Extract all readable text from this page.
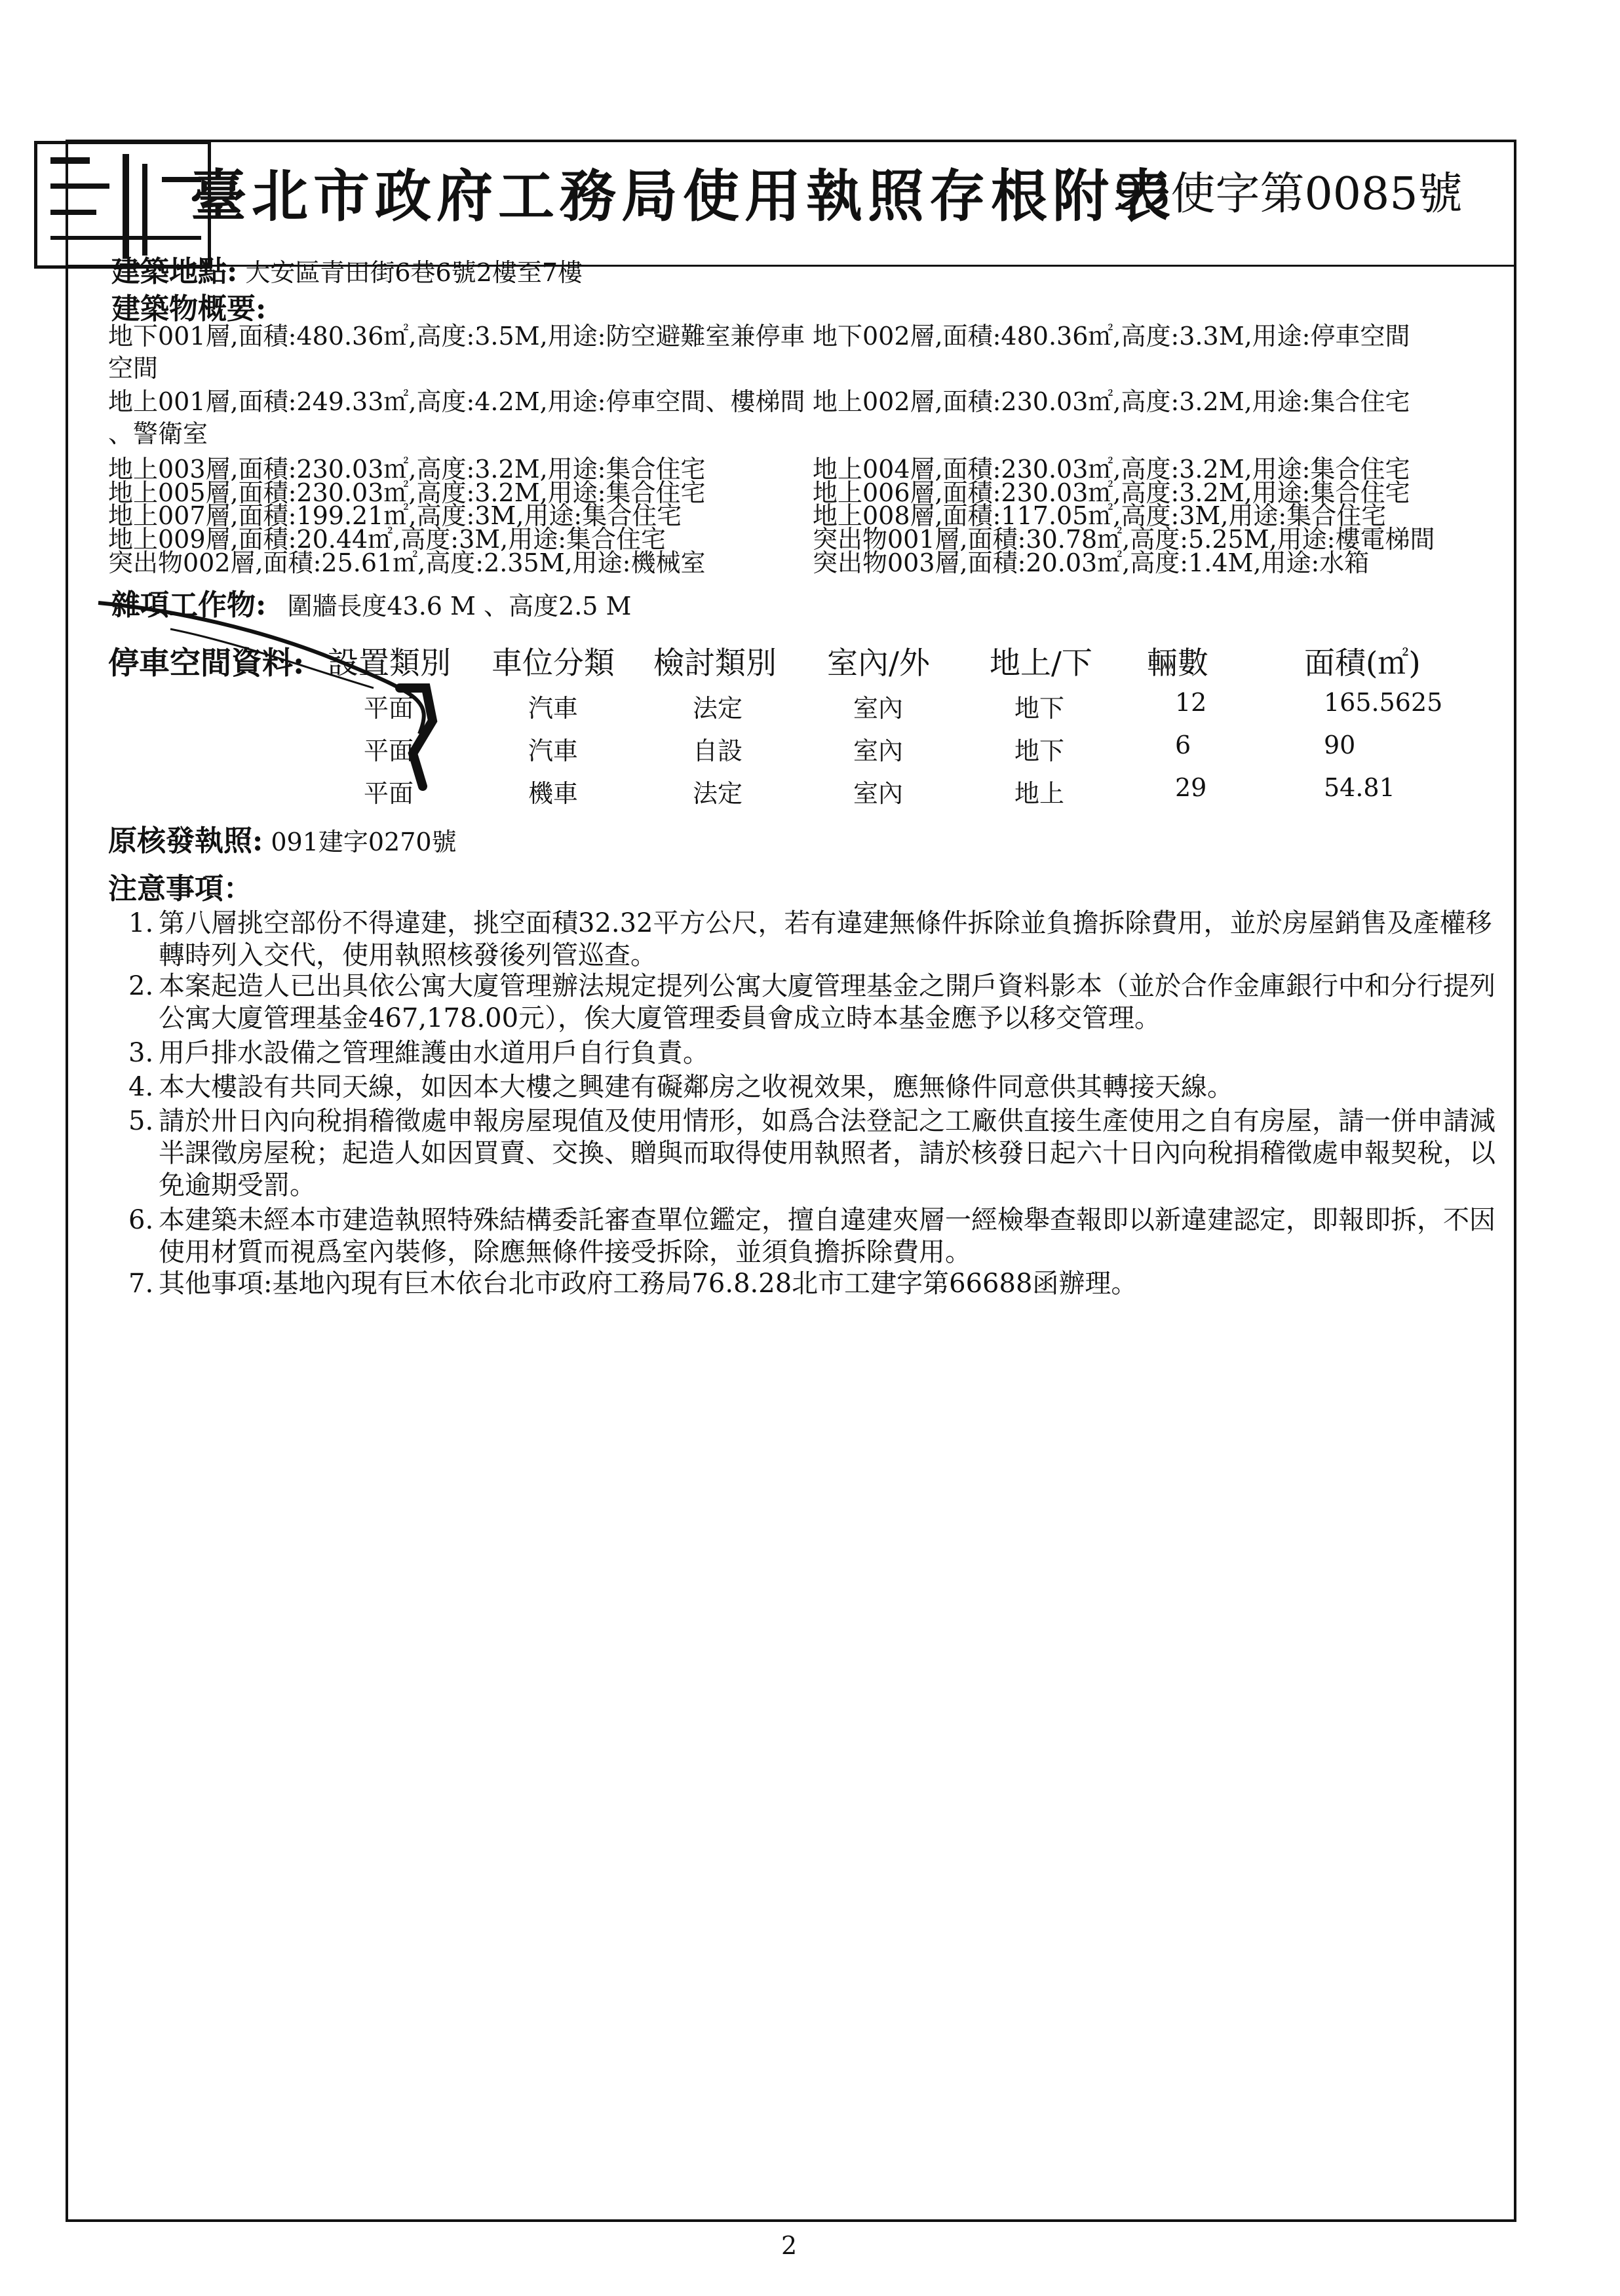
臺北市政府工務局使用執照存根附表
93使字第0085號
建築地點: 大安區青田街6巷6號2樓至7樓
建築物概要:
地下001層,面積:480.36㎡,高度:3.5M,用途:防空避難室兼停車 地下002層,面積:480.36㎡,高度:3.3M,用途:停車空間
空間
地上001層,面積:249.33㎡,高度:4.2M,用途:停車空間、樓梯間 地上002層,面積:230.03㎡,高度:3.2M,用途:集合住宅
、警衛室
地上003層,面積:230.03㎡,高度:3.2M,用途:集合住宅	地上004層,面積:230.03㎡,高度:3.2M,用途:集合住宅
地上005層,面積:230.03㎡,高度:3.2M,用途:集合住宅	地上006層,面積:230.03㎡,高度:3.2M,用途:集合住宅
地上007層,面積:199.21㎡,高度:3M,用途:集合住宅	地上008層,面積:117.05㎡,高度:3M,用途:集合住宅
地上009層,面積:20.44㎡,高度:3M,用途:集合住宅	突出物001層,面積:30.78㎡,高度:5.25M,用途:樓電梯間
突出物002層,面積:25.61㎡,高度:2.35M,用途:機械室	突出物003層,面積:20.03㎡,高度:1.4M,用途:水箱
雜項工作物: 圍牆長度43.6 M 、高度2.5 M
停車空間資料: 設置類別 車位分類 檢討類別 室內/外 地上/下 輛數	面積(㎡)
平面	汽車	法定	室內	地下	12	165.5625
平面	汽車	自設	室內	地下	6	90
平面	機車	法定	室內	地上	29	54.81
原核發執照: 091建字0270號
注意事項：
1. 第八層挑空部份不得違建，挑空面積32.32平方公尺，若有違建無條件拆除並負擔拆除費用，並於房屋銷售及產權移轉時列入交代，使用執照核發後列管巡查。
2. 本案起造人已出具依公寓大廈管理辦法規定提列公寓大廈管理基金之開戶資料影本（並於合作金庫銀行中和分行提列公寓大廈管理基金467,178.00元），俟大廈管理委員會成立時本基金應予以移交管理。
3. 用戶排水設備之管理維護由水道用戶自行負責。
4. 本大樓設有共同天線，如因本大樓之興建有礙鄰房之收視效果，應無條件同意供其轉接天線。
5. 請於卅日內向稅捐稽徵處申報房屋現值及使用情形，如爲合法登記之工廠供直接生產使用之自有房屋，請一併申請減半課徵房屋稅；起造人如因買賣、交換、贈與而取得使用執照者，請於核發日起六十日內向稅捐稽徵處申報契稅，以免逾期受罰。
6. 本建築未經本市建造執照特殊結構委託審查單位鑑定，擅自違建夾層一經檢舉查報即以新違建認定，即報即拆，不因使用材質而視爲室內裝修，除應無條件接受拆除，並須負擔拆除費用。
7. 其他事項:基地內現有巨木依台北市政府工務局76.8.28北市工建字第66688函辦理。
2
